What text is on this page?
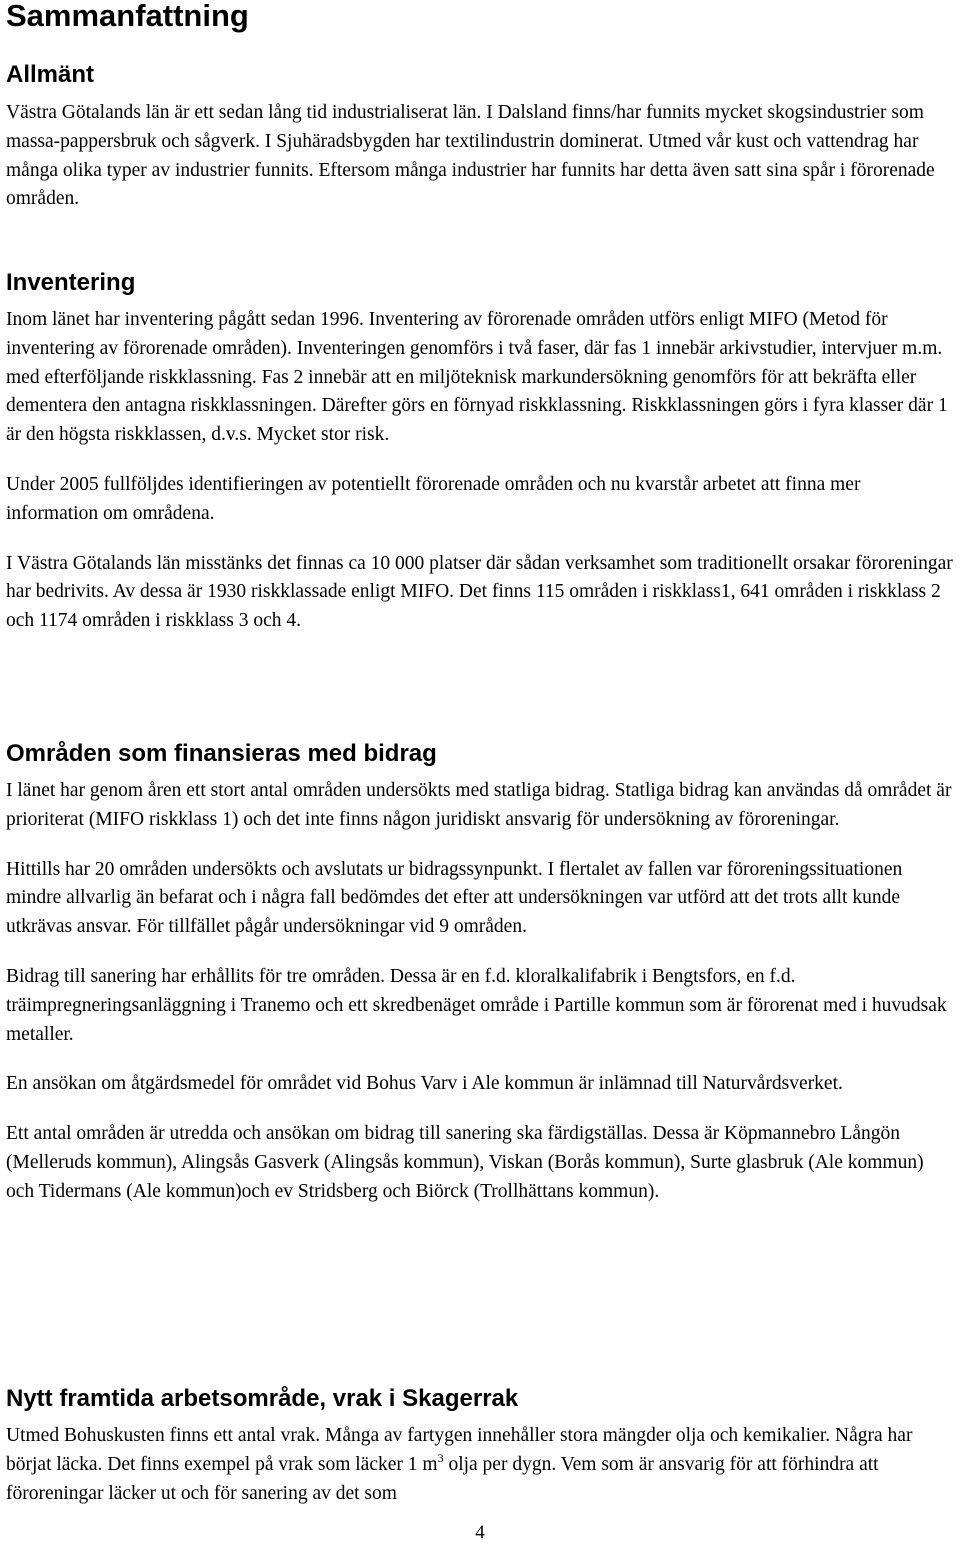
Sammanfattning
Allmänt

Västra Götalands län är ett sedan lång tid industrialiserat län. I Dalsland finns/har funnits mycket skogsindustrier som massa-pappersbruk och sågverk. I Sjuhäradsbygden har textilindustrin dominerat. Utmed vår kust och vattendrag har många olika typer av industrier funnits. Eftersom många industrier har funnits har detta även satt sina spår i förorenade områden.

Inventering

Inom länet har inventering pågått sedan 1996. Inventering av förorenade områden utförs enligt MIFO (Metod för inventering av förorenade områden). Inventeringen genomförs i två faser, där fas 1 innebär arkivstudier, intervjuer m.m. med efterföljande riskklassning. Fas 2 innebär att en miljöteknisk markundersökning genomförs för att bekräfta eller dementera den antagna riskklassningen. Därefter görs en förnyad riskklassning. Riskklassningen görs i fyra klasser där 1 är den högsta riskklassen, d.v.s. Mycket stor risk.

Under 2005 fullföljdes identifieringen av potentiellt förorenade områden och nu kvarstår arbetet att finna mer information om områdena.

I Västra Götalands län misstänks det finnas ca 10 000 platser där sådan verksamhet som traditionellt orsakar föroreningar har bedrivits. Av dessa är 1930 riskklassade enligt MIFO. Det finns 115 områden i riskklass1, 641 områden i riskklass 2 och 1174 områden i riskklass 3 och 4.

Områden som finansieras med bidrag

I länet har genom åren ett stort antal områden undersökts med statliga bidrag. Statliga bidrag kan användas då området är prioriterat (MIFO riskklass 1) och det inte finns någon juridiskt ansvarig för undersökning av föroreningar.

Hittills har 20 områden undersökts och avslutats ur bidragssynpunkt. I flertalet av fallen var föroreningssituationen mindre allvarlig än befarat och i några fall bedömdes det efter att undersökningen var utförd att det trots allt kunde utkrävas ansvar. För tillfället pågår undersökningar vid 9 områden.

Bidrag till sanering har erhållits för tre områden. Dessa är en f.d. kloralkalifabrik i Bengtsfors, en f.d. träimpregneringsanläggning i Tranemo och ett skredbenäget område i Partille kommun som är förorenat med i huvudsak metaller.

En ansökan om åtgärdsmedel för området vid Bohus Varv i Ale kommun är inlämnad till Naturvårdsverket.

Ett antal områden är utredda och ansökan om bidrag till sanering ska färdigställas. Dessa är Köpmannebro Långön (Melleruds kommun), Alingsås Gasverk (Alingsås kommun), Viskan (Borås kommun), Surte glasbruk (Ale kommun) och Tidermans (Ale kommun)och ev Stridsberg och Biörck (Trollhättans kommun).

Nytt framtida arbetsområde, vrak i Skagerrak

Utmed Bohuskusten finns ett antal vrak. Många av fartygen innehåller stora mängder olja och kemikalier. Några har börjat läcka. Det finns exempel på vrak som läcker 1 $m^3$ olja per dygn. Vem som är ansvarig för att förhindra att föroreningar läcker ut och för sanering av det som

4
